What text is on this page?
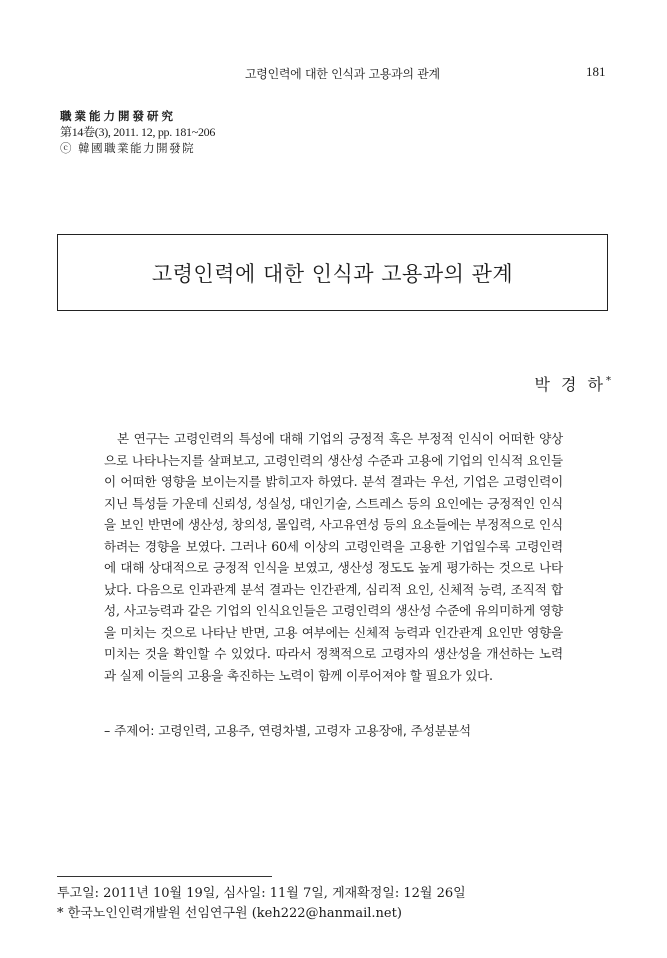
고령인력에 대한 인식과 고용과의 관계	181
職業能力開發研究
第14卷(3), 2011. 12, pp. 181~206
ⓒ 韓國職業能力開發院
고령인력에 대한 인식과 고용과의 관계
박 경 하*

본 연구는 고령인력의 특성에 대해 기업의 긍정적 혹은 부정적 인식이 어떠한 양상으로 나타나는지를 살펴보고, 고령인력의 생산성 수준과 고용에 기업의 인식적 요인들이 어떠한 영향을 보이는지를 밝히고자 하였다. 분석 결과는 우선, 기업은 고령인력이 지닌 특성들 가운데 신뢰성, 성실성, 대인기술, 스트레스 등의 요인에는 긍정적인 인식을 보인 반면에 생산성, 창의성, 몰입력, 사고유연성 등의 요소들에는 부정적으로 인식하려는 경향을 보였다. 그러나 60세 이상의 고령인력을 고용한 기업일수록 고령인력에 대해 상대적으로 긍정적 인식을 보였고, 생산성 정도도 높게 평가하는 것으로 나타났다. 다음으로 인과관계 분석 결과는 인간관계, 심리적 요인, 신체적 능력, 조직적 합성, 사고능력과 같은 기업의 인식요인들은 고령인력의 생산성 수준에 유의미하게 영향을 미치는 것으로 나타난 반면, 고용 여부에는 신체적 능력과 인간관계 요인만 영향을 미치는 것을 확인할 수 있었다. 따라서 정책적으로 고령자의 생산성을 개선하는 노력과 실제 이들의 고용을 촉진하는 노력이 함께 이루어져야 할 필요가 있다.

– 주제어: 고령인력, 고용주, 연령차별, 고령자 고용장애, 주성분분석
투고일: 2011년 10월 19일, 심사일: 11월 7일, 게재확정일: 12월 26일
* 한국노인인력개발원 선임연구원 (keh222@hanmail.net)
